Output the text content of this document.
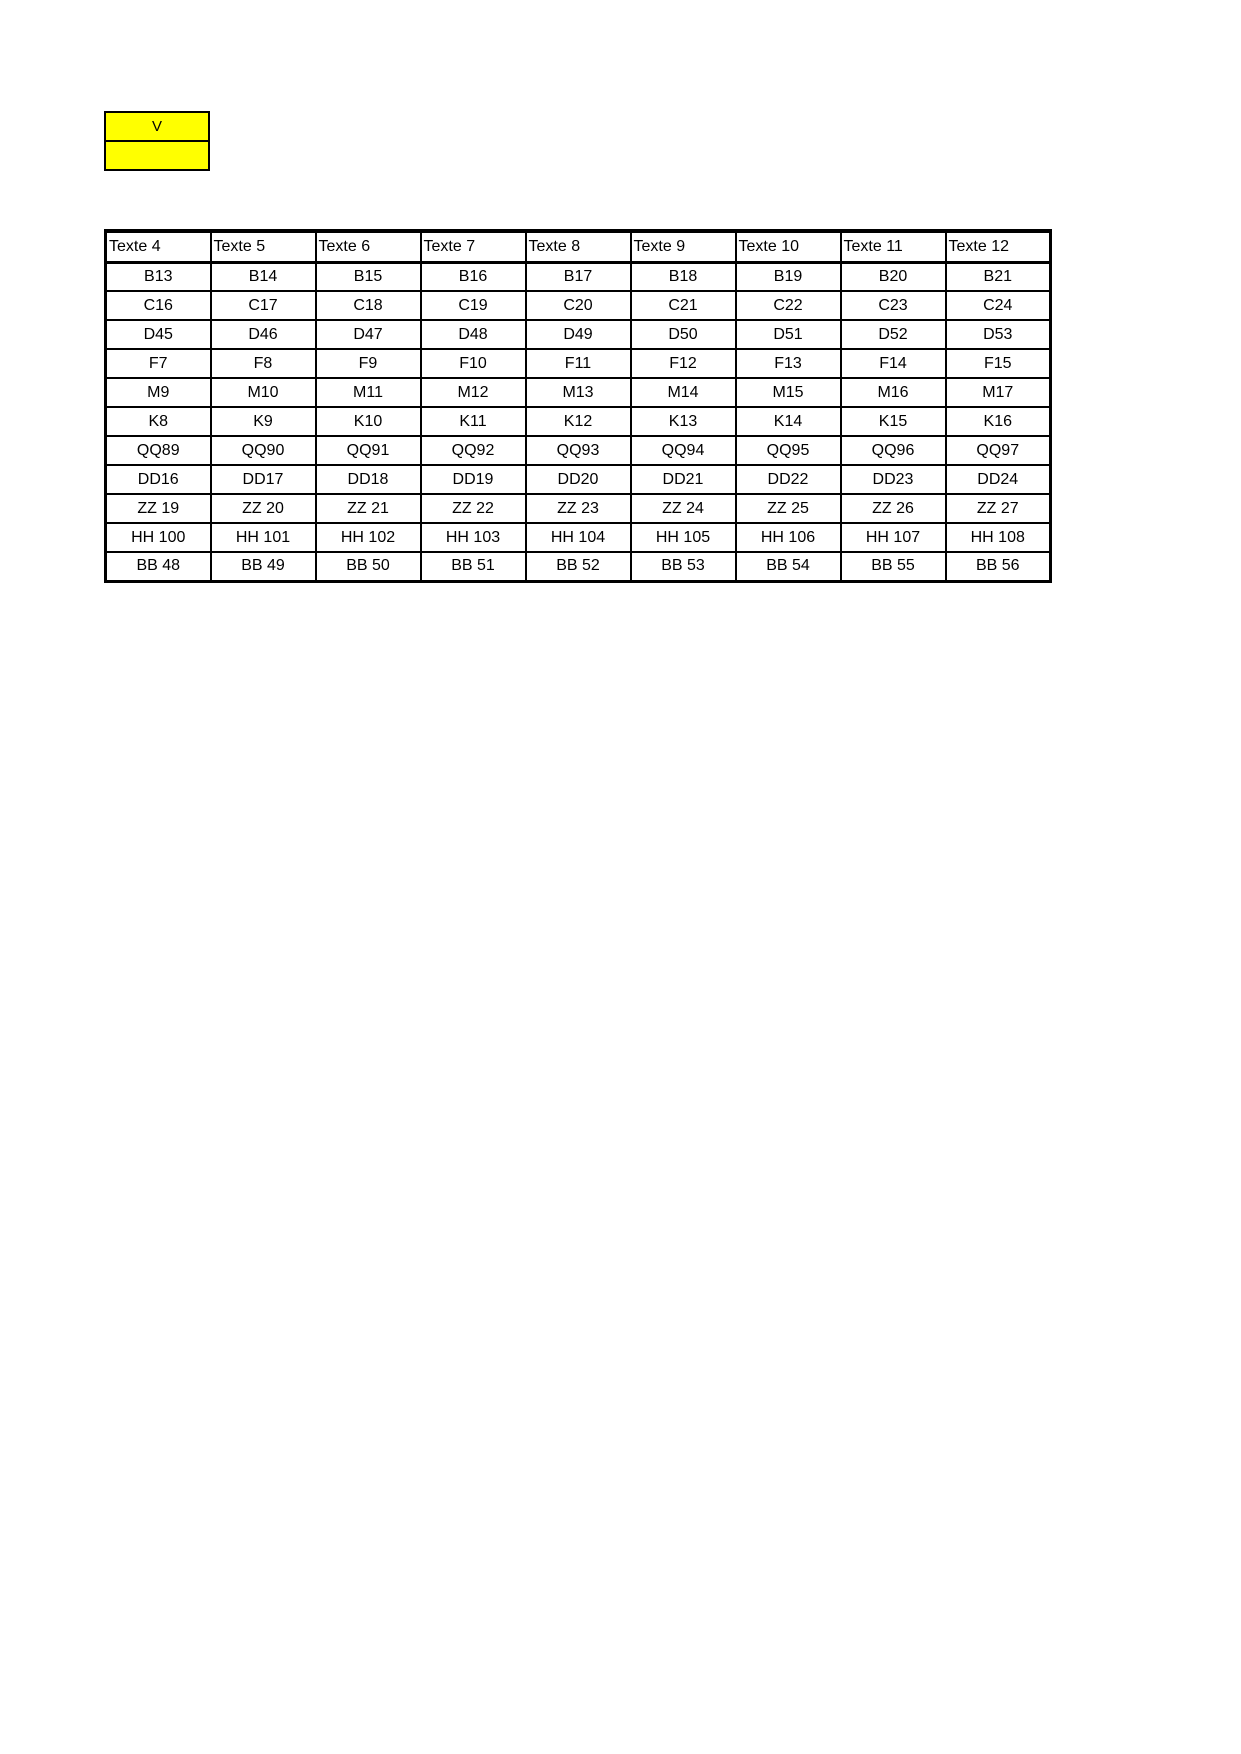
V
Texte 4	Texte 5	Texte 6	Texte 7	Texte 8	Texte 9	Texte 10	Texte 11	Texte 12
B13	B14	B15	B16	B17	B18	B19	B20	B21
C16	C17	C18	C19	C20	C21	C22	C23	C24
D45	D46	D47	D48	D49	D50	D51	D52	D53
F7	F8	F9	F10	F11	F12	F13	F14	F15
M9	M10	M11	M12	M13	M14	M15	M16	M17
K8	K9	K10	K11	K12	K13	K14	K15	K16
QQ89	QQ90	QQ91	QQ92	QQ93	QQ94	QQ95	QQ96	QQ97
DD16	DD17	DD18	DD19	DD20	DD21	DD22	DD23	DD24
ZZ 19	ZZ 20	ZZ 21	ZZ 22	ZZ 23	ZZ 24	ZZ 25	ZZ 26	ZZ 27
HH 100	HH 101	HH 102	HH 103	HH 104	HH 105	HH 106	HH 107	HH 108
BB 48	BB 49	BB 50	BB 51	BB 52	BB 53	BB 54	BB 55	BB 56
